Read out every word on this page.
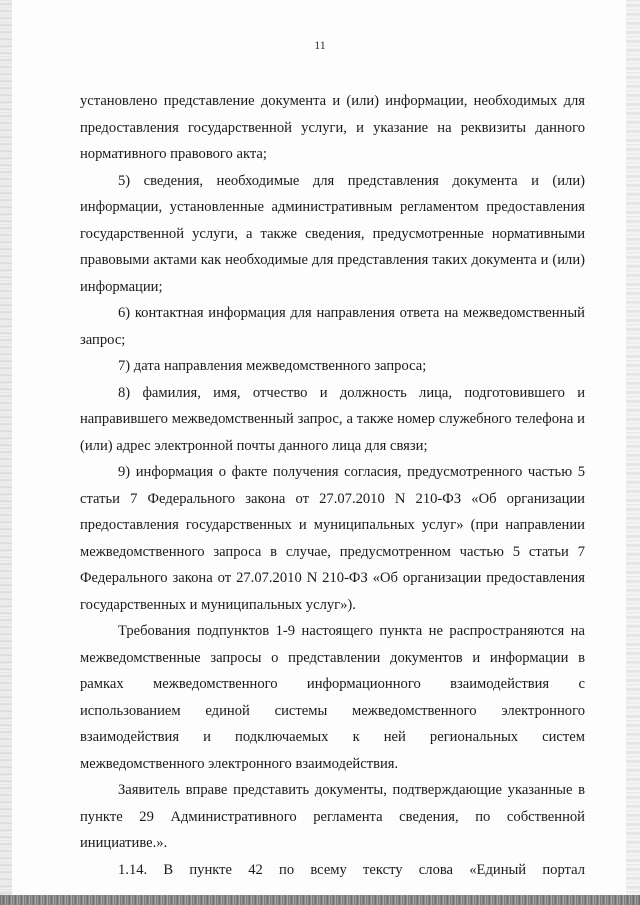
11

установлено представление документа и (или) информации, необходимых для предоставления государственной услуги, и указание на реквизиты данного нормативного правового акта;

5) сведения, необходимые для представления документа и (или) информации, установленные административным регламентом предоставления государственной услуги, а также сведения, предусмотренные нормативными правовыми актами как необходимые для представления таких документа и (или) информации;

6) контактная информация для направления ответа на межведомственный запрос;

7) дата направления межведомственного запроса;

8) фамилия, имя, отчество и должность лица, подготовившего и направившего межведомственный запрос, а также номер служебного телефона и (или) адрес электронной почты данного лица для связи;

9) информация о факте получения согласия, предусмотренного частью 5 статьи 7 Федерального закона от 27.07.2010 N 210-ФЗ «Об организации предоставления государственных и муниципальных услуг» (при направлении межведомственного запроса в случае, предусмотренном частью 5 статьи 7 Федерального закона от 27.07.2010 N 210-ФЗ «Об организации предоставления государственных и муниципальных услуг»).

Требования подпунктов 1-9 настоящего пункта не распространяются на межведомственные запросы о представлении документов и информации в рамках межведомственного информационного взаимодействия с использованием единой системы межведомственного электронного взаимодействия и подключаемых к ней региональных систем межведомственного электронного взаимодействия.

Заявитель вправе представить документы, подтверждающие указанные в пункте 29 Административного регламента сведения, по собственной инициативе.».

1.14. В пункте 42 по всему тексту слова «Единый портал
